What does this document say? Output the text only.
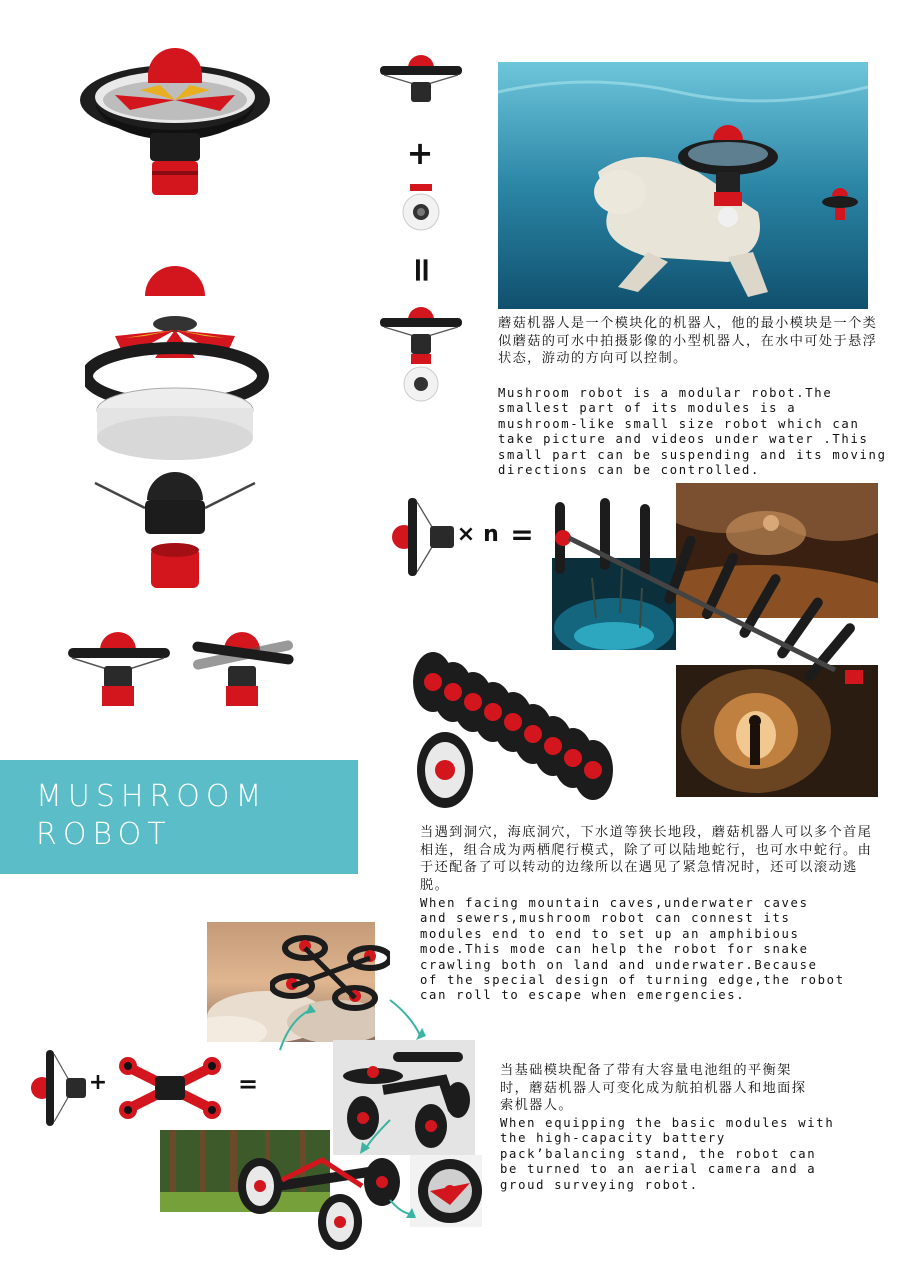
MUSHROOM
ROBOT
+
=
蘑菇机器人是一个模块化的机器人，他的最小模块是一个类似蘑菇的可水中拍摄影像的小型机器人，在水中可处于悬浮状态，游动的方向可以控制。
Mushroom robot is a modular robot.The
smallest part of its modules is a
mushroom-like small size robot which can
take picture and videos under water .This
small part can be suspending and its moving
directions can be controlled.
× n =
当遇到洞穴，海底洞穴，下水道等狭长地段，蘑菇机器人可以多个首尾相连，组合成为两栖爬行模式，除了可以陆地蛇行，也可水中蛇行。由于还配备了可以转动的边缘所以在遇见了紧急情况时，还可以滚动逃脱。
When facing mountain caves,underwater caves
and sewers,mushroom robot can connest its
modules end to end to set up an amphibious
mode.This mode can help the robot for snake
crawling both on land and underwater.Because
of the special design of turning edge,the robot
can roll to escape when emergencies.
+	=	当基础模块配备了带有大容量电池组的平衡架时，蘑菇机器人可变化成为航拍机器人和地面探索机器人。
When equipping the basic modules with
the high-capacity battery
pack’balancing stand, the robot can
be turned to an aerial camera and a
groud surveying robot.
